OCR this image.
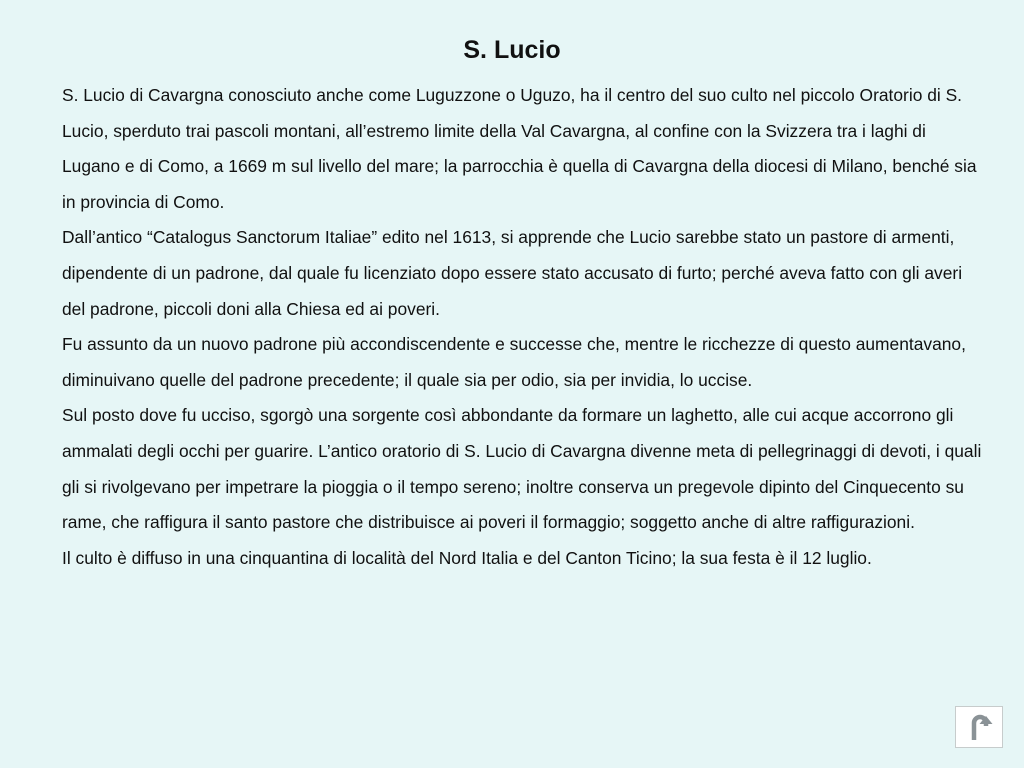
S. Lucio

S. Lucio di Cavargna conosciuto anche come Luguzzone o Uguzo, ha il centro del suo culto nel piccolo Oratorio di S. Lucio, sperduto trai pascoli montani, all’estremo limite della Val Cavargna, al confine con la Svizzera tra i laghi di Lugano e di Como, a 1669 m sul livello del mare; la parrocchia è quella di Cavargna della diocesi di Milano, benché sia in provincia di Como.

Dall’antico “Catalogus Sanctorum Italiae” edito nel 1613, si apprende che Lucio sarebbe stato un pastore di armenti, dipendente di un padrone, dal quale fu licenziato dopo essere stato accusato di furto; perché aveva fatto con gli averi del padrone, piccoli doni alla Chiesa ed ai poveri.

Fu assunto da un nuovo padrone più accondiscendente e successe che, mentre le ricchezze di questo aumentavano, diminuivano quelle del padrone precedente; il quale sia per odio, sia per invidia, lo uccise.

Sul posto dove fu ucciso, sgorgò una sorgente così abbondante da formare un laghetto, alle cui acque accorrono gli ammalati degli occhi per guarire. L’antico oratorio di S. Lucio di Cavargna divenne meta di pellegrinaggi di devoti, i quali gli si rivolgevano per impetrare la pioggia o il tempo sereno; inoltre conserva un pregevole dipinto del Cinquecento su rame, che raffigura il santo pastore che distribuisce ai poveri il formaggio; soggetto anche di altre raffigurazioni.

Il culto è diffuso in una cinquantina di località del Nord Italia e del Canton Ticino; la sua festa è il 12 luglio.
